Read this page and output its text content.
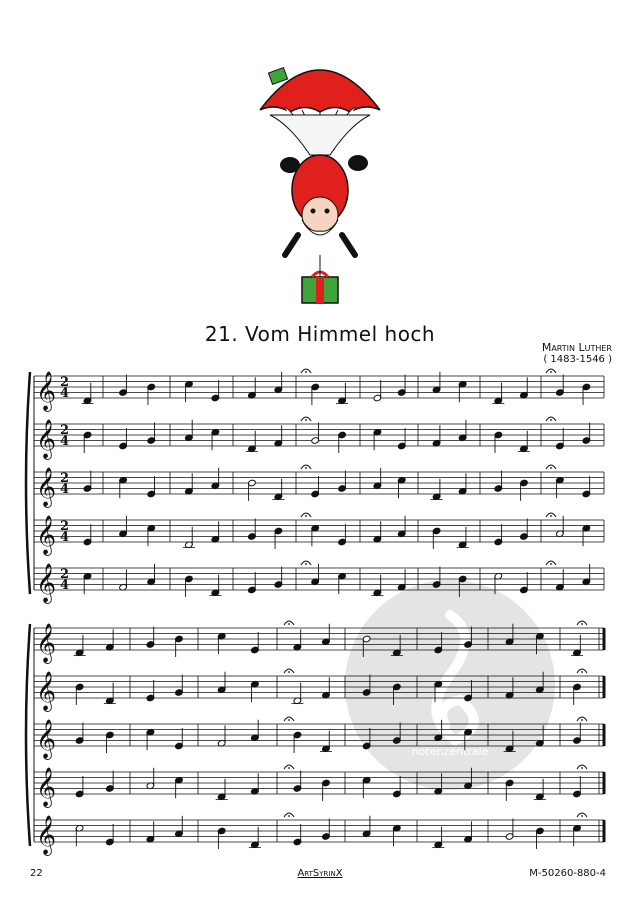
21. Vom Himmel hoch
Martin Luther
( 1483-1546 )
notenzentrale
𝄞 2
4
𝄞 2
4
𝄞 2
4
𝄞 2
4
𝄞 2
4
𝄞
𝄞
𝄞
𝄞
𝄞
22	ArtSyrinX	M-50260-880-4
